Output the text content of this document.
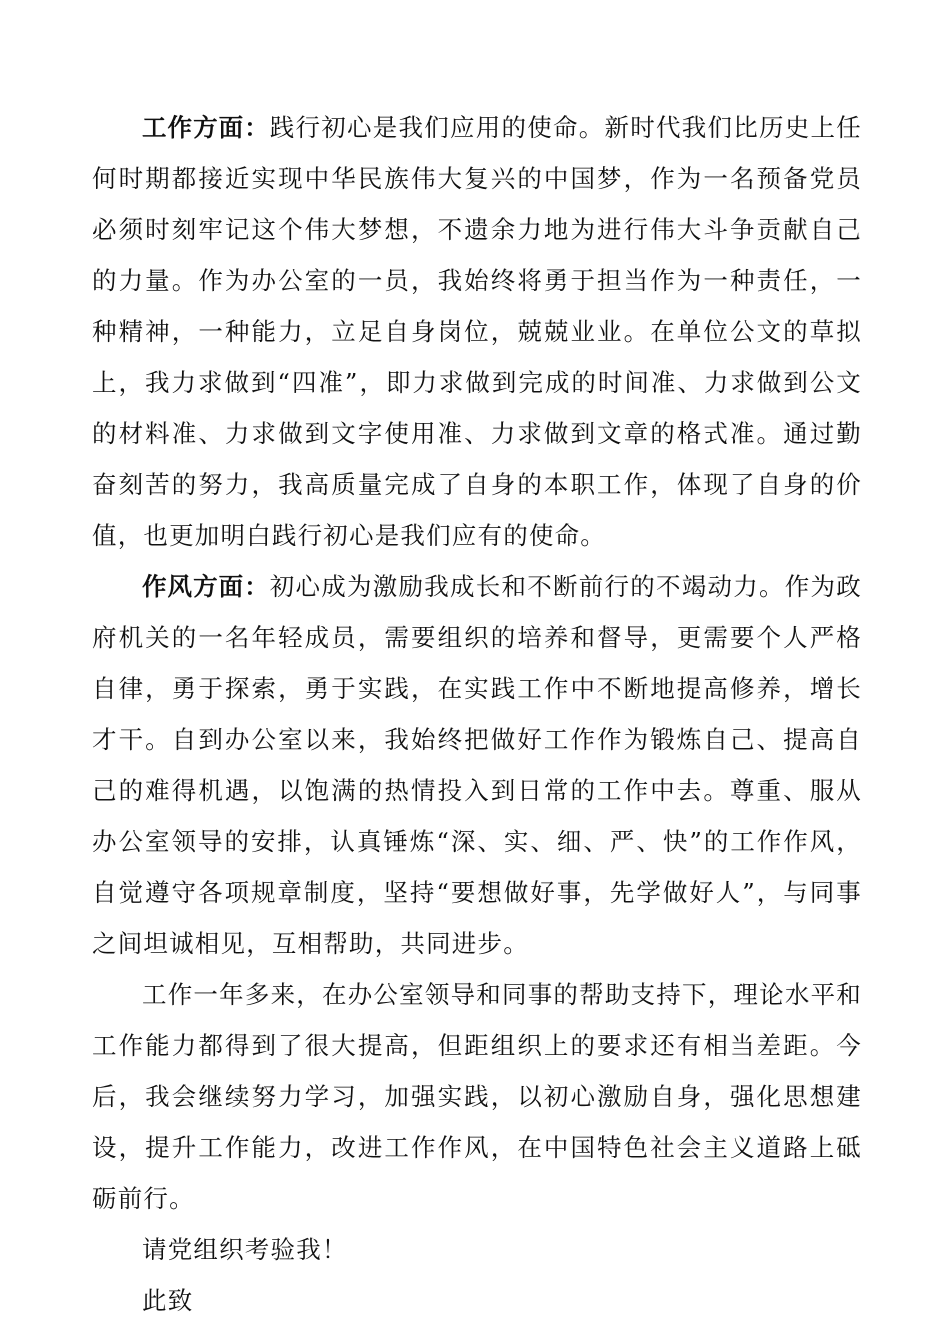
工作方面：践行初心是我们应用的使命。新时代我们比历史上任何时期都接近实现中华民族伟大复兴的中国梦，作为一名预备党员必须时刻牢记这个伟大梦想，不遗余力地为进行伟大斗争贡献自己的力量。作为办公室的一员，我始终将勇于担当作为一种责任，一种精神，一种能力，立足自身岗位，兢兢业业。在单位公文的草拟上，我力求做到“四准”，即力求做到完成的时间准、力求做到公文的材料准、力求做到文字使用准、力求做到文章的格式准。通过勤奋刻苦的努力，我高质量完成了自身的本职工作，体现了自身的价值，也更加明白践行初心是我们应有的使命。

作风方面：初心成为激励我成长和不断前行的不竭动力。作为政府机关的一名年轻成员，需要组织的培养和督导，更需要个人严格自律，勇于探索，勇于实践，在实践工作中不断地提高修养，增长才干。自到办公室以来，我始终把做好工作作为锻炼自己、提高自己的难得机遇，以饱满的热情投入到日常的工作中去。尊重、服从办公室领导的安排，认真锤炼“深、实、细、严、快”的工作作风，自觉遵守各项规章制度，坚持“要想做好事，先学做好人”，与同事之间坦诚相见，互相帮助，共同进步。

工作一年多来，在办公室领导和同事的帮助支持下，理论水平和工作能力都得到了很大提高，但距组织上的要求还有相当差距。今后，我会继续努力学习，加强实践，以初心激励自身，强化思想建设，提升工作能力，改进工作作风，在中国特色社会主义道路上砥砺前行。

请党组织考验我！

此致
